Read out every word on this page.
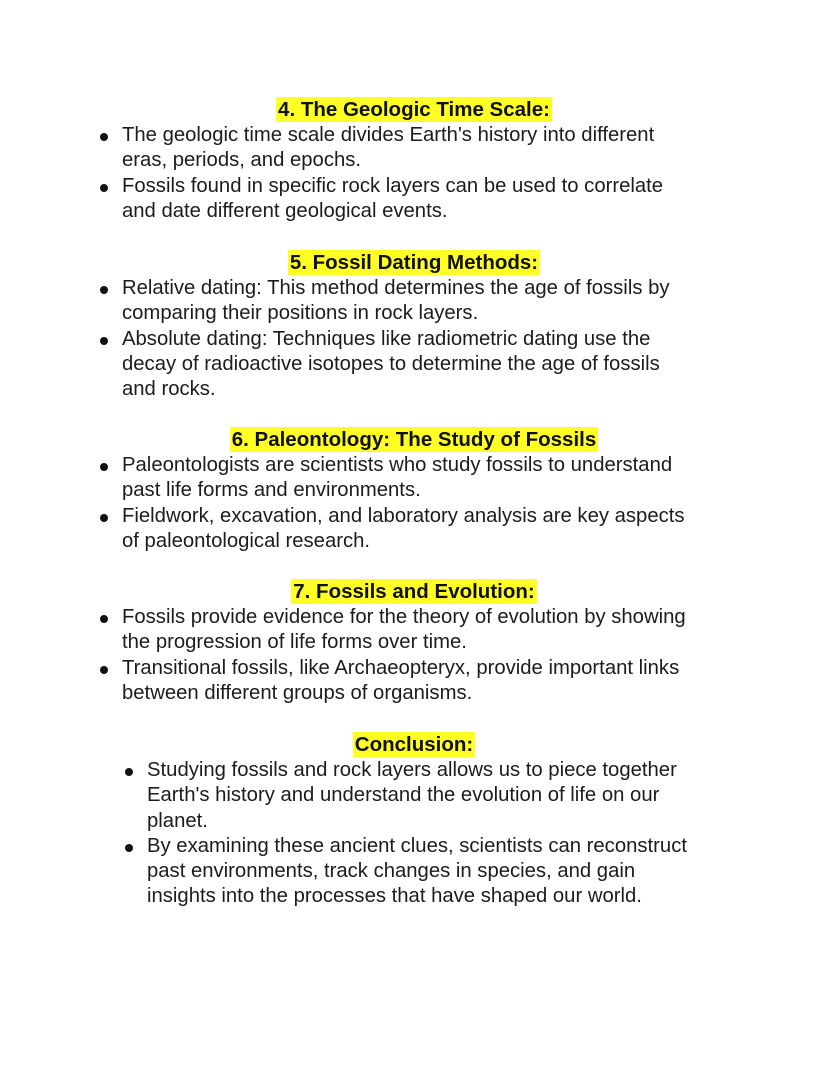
4. The Geologic Time Scale:
The geologic time scale divides Earth's history into different
eras, periods, and epochs.
Fossils found in specific rock layers can be used to correlate
and date different geological events.
5. Fossil Dating Methods:
Relative dating: This method determines the age of fossils by
comparing their positions in rock layers.
Absolute dating: Techniques like radiometric dating use the
decay of radioactive isotopes to determine the age of fossils
and rocks.
6. Paleontology: The Study of Fossils
Paleontologists are scientists who study fossils to understand
past life forms and environments.
Fieldwork, excavation, and laboratory analysis are key aspects
of paleontological research.
7. Fossils and Evolution:
Fossils provide evidence for the theory of evolution by showing
the progression of life forms over time.
Transitional fossils, like Archaeopteryx, provide important links
between different groups of organisms.
Conclusion:
Studying fossils and rock layers allows us to piece together
Earth's history and understand the evolution of life on our
planet.
By examining these ancient clues, scientists can reconstruct
past environments, track changes in species, and gain
insights into the processes that have shaped our world.
